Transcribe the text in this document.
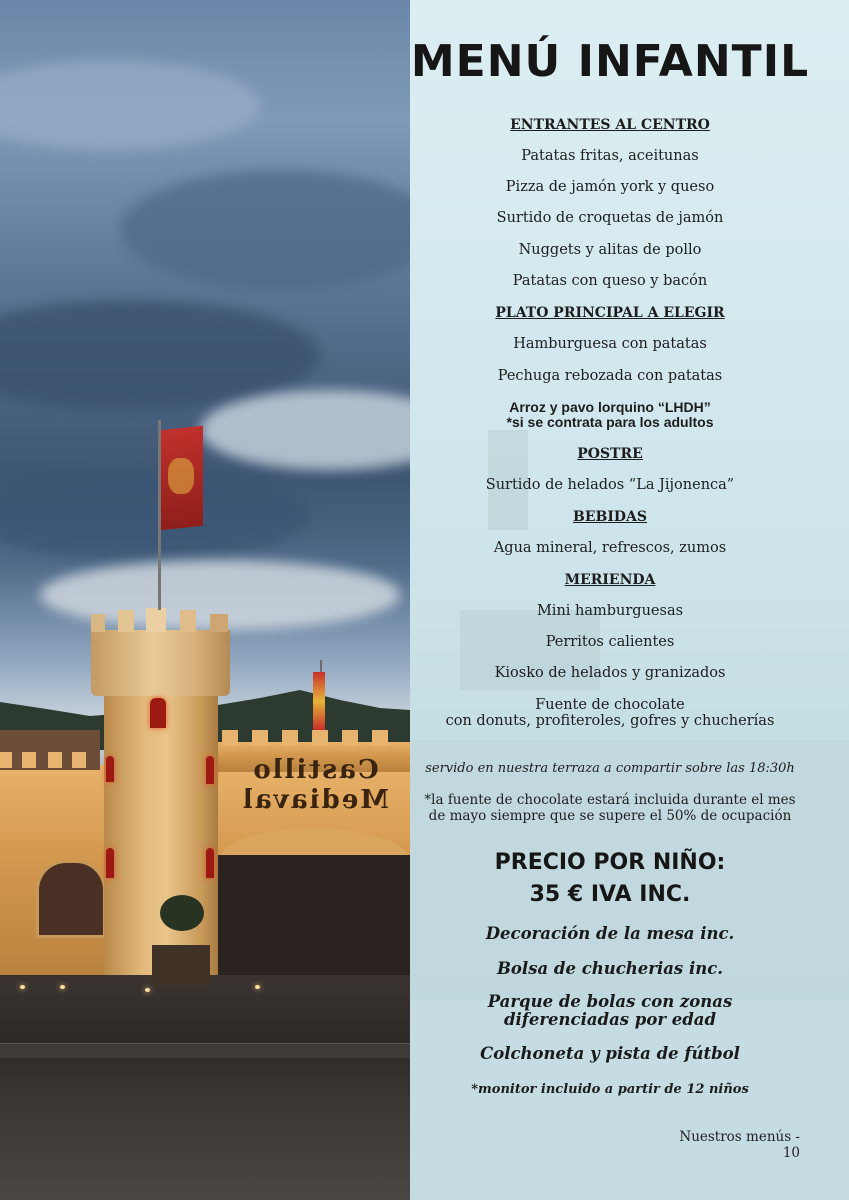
Castillo
Mediaval
MENÚ INFANTIL
ENTRANTES AL CENTRO
Patatas fritas, aceitunas
Pizza de jamón york y queso
Surtido de croquetas de jamón
Nuggets y alitas de pollo
Patatas con queso y bacón
PLATO PRINCIPAL A ELEGIR
Hamburguesa con patatas
Pechuga rebozada con patatas
Arroz y pavo lorquino “LHDH”
*si se contrata para los adultos
POSTRE
Surtido de helados “La Jijonenca”
BEBIDAS
Agua mineral, refrescos, zumos
MERIENDA
Mini hamburguesas
Perritos calientes
Kiosko de helados y granizados
Fuente de chocolate
con donuts, profiteroles, gofres y chucherías
servido en nuestra terraza a compartir sobre las 18:30h
*la fuente de chocolate estará incluida durante el mes
de mayo siempre que se supere el 50% de ocupación
PRECIO POR NIÑO:
35 € IVA INC.
Decoración de la mesa inc.
Bolsa de chucherias inc.
Parque de bolas con zonas
diferenciadas por edad
Colchoneta y pista de fútbol
*monitor incluido a partir de 12 niños
Nuestros menús - 10
